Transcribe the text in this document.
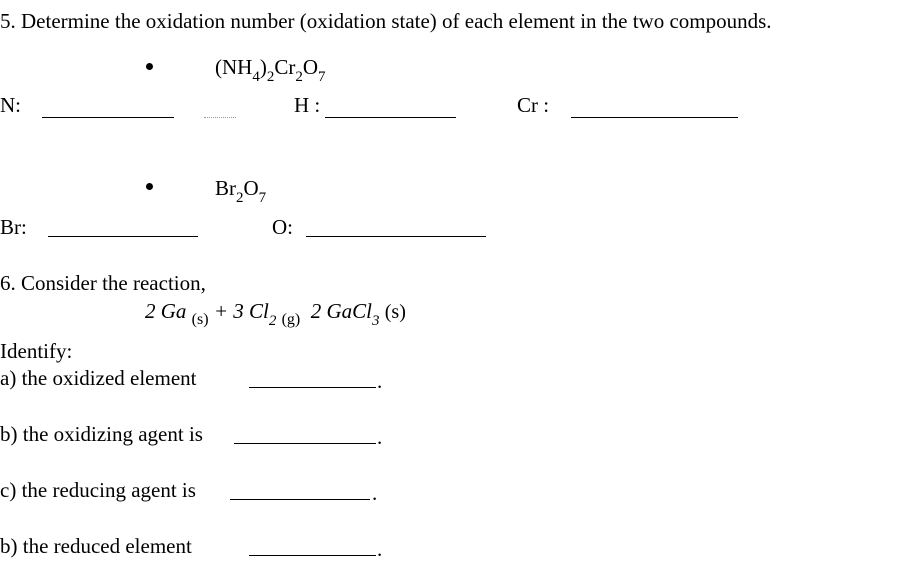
5. Determine the oxidation number (oxidation state) of each element in the two compounds.
$(NH_4)_2Cr_2O_7$
N:	H :	Cr :
$Br_2O_7$
Br:	O:
6. Consider the reaction,
2 Ga $_{(s)}$ + 3 $Cl_2$ $_{(g)}$ 2 GaCl$_3$ (s)
Identify:
a) the oxidized element	.
b) the oxidizing agent is	.
c) the reducing agent is	.
b) the reduced element	.
